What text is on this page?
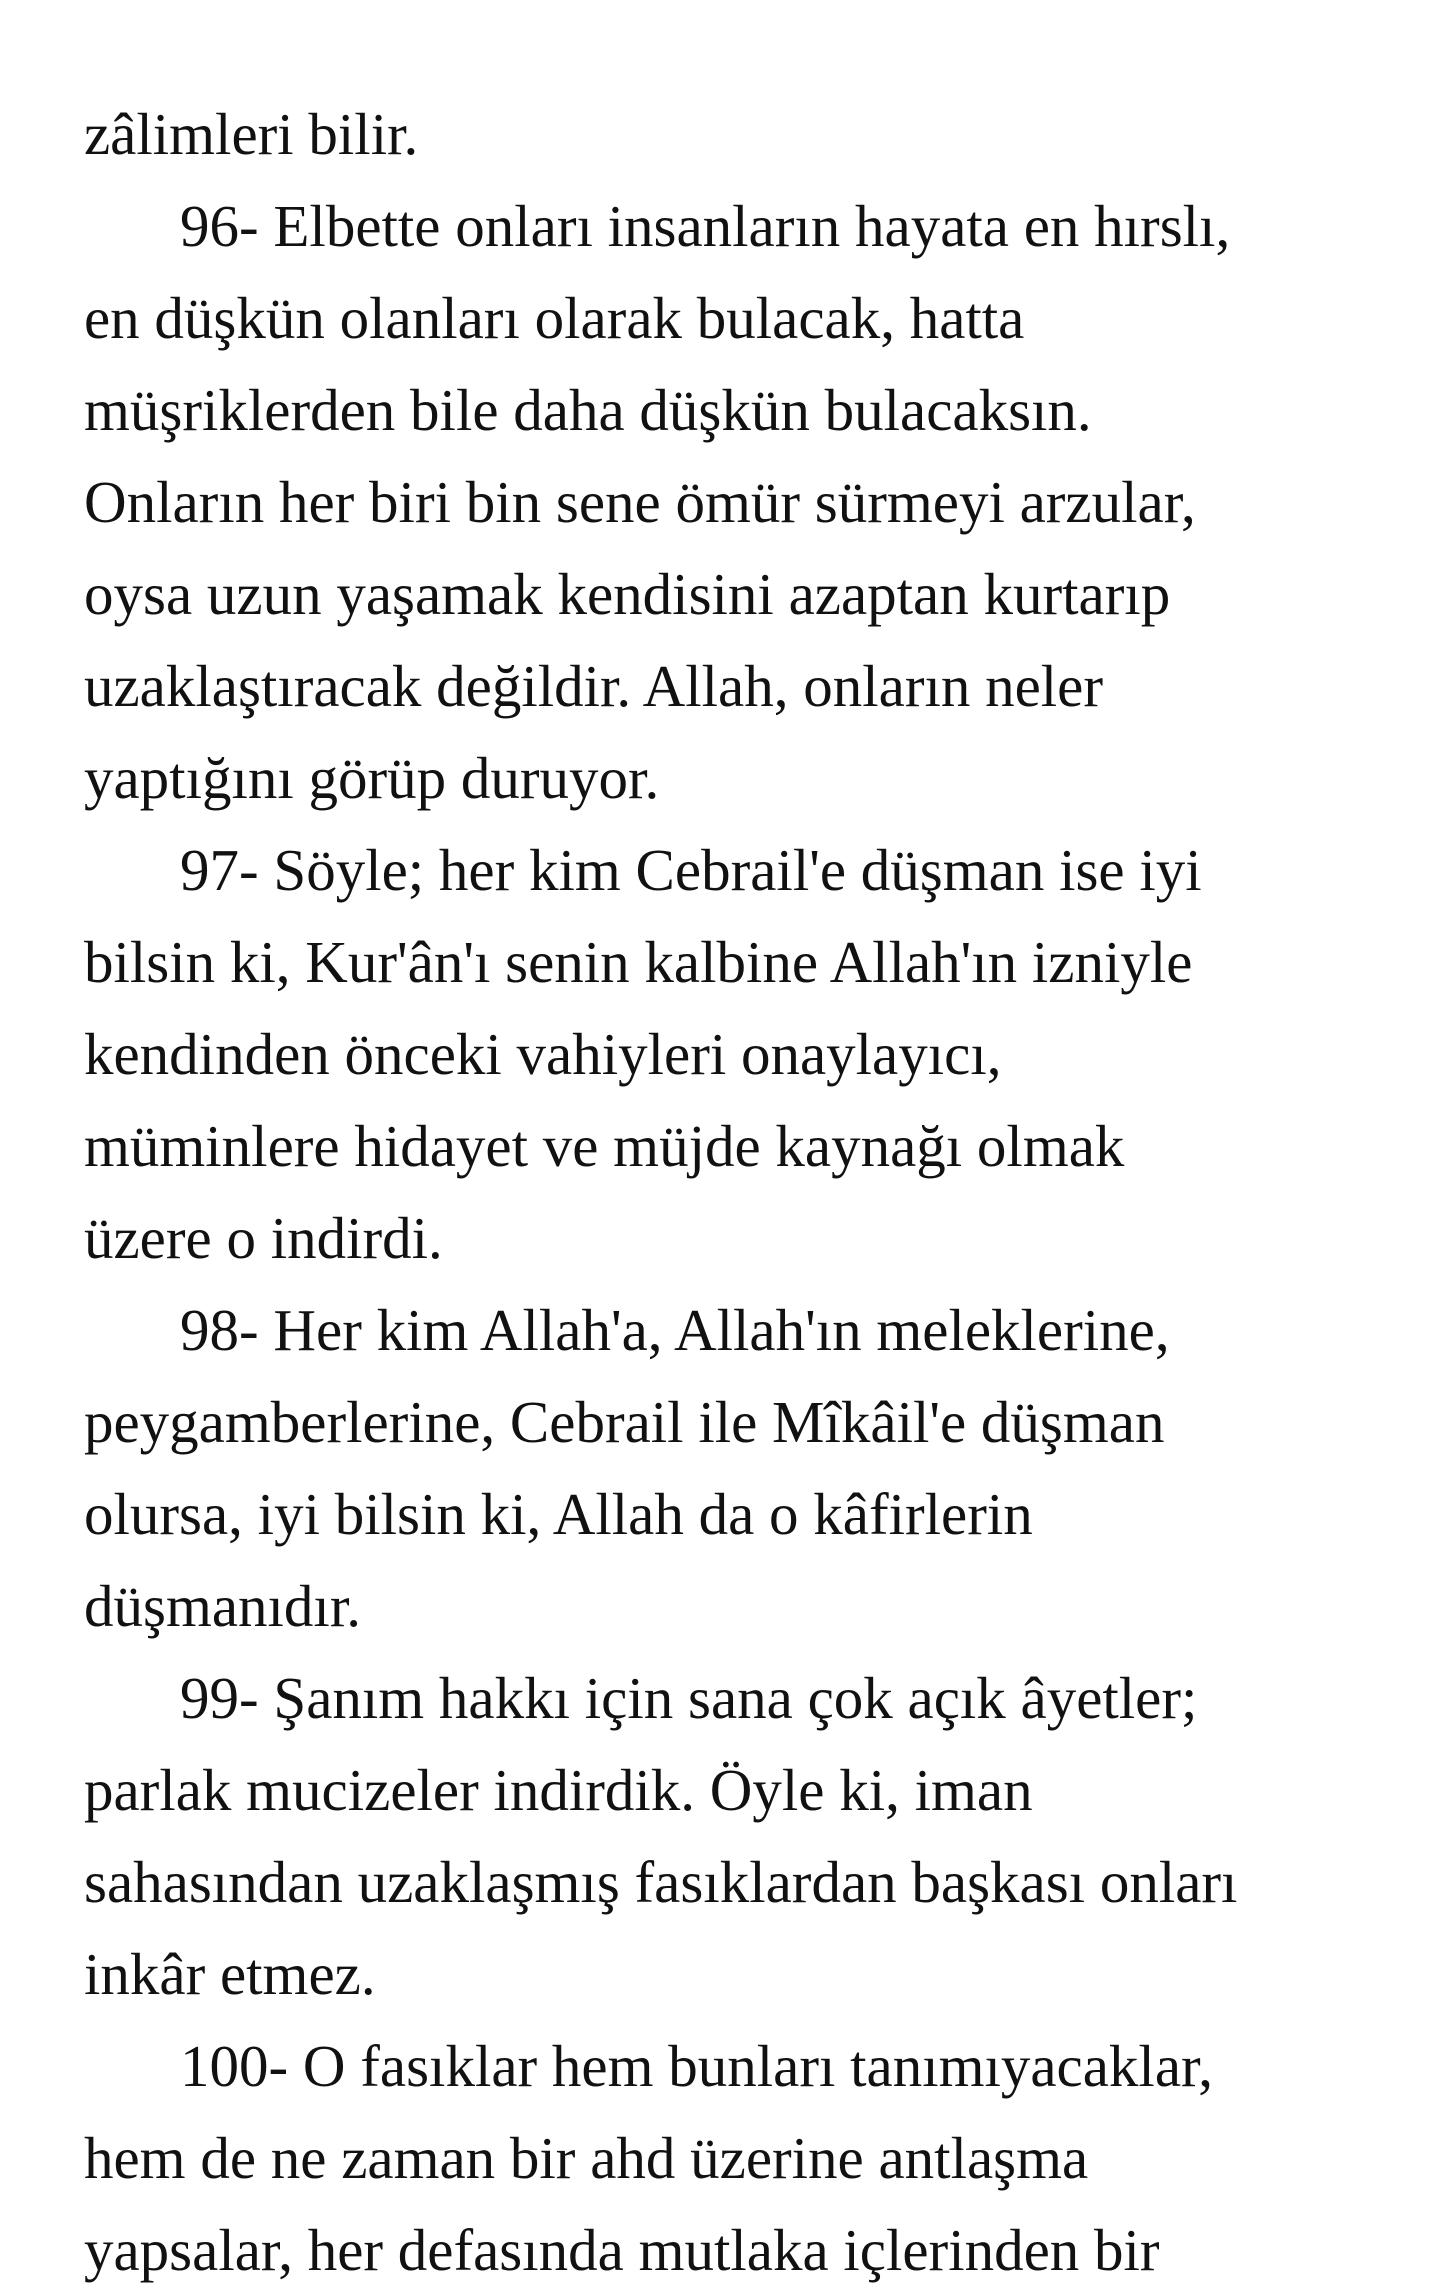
zâlimleri bilir.
96- Elbette onları insanların hayata en hırslı,
en düşkün olanları olarak bulacak, hatta
müşriklerden bile daha düşkün bulacaksın.
Onların her biri bin sene ömür sürmeyi arzular,
oysa uzun yaşamak kendisini azaptan kurtarıp
uzaklaştıracak değildir. Allah, onların neler
yaptığını görüp duruyor.
97- Söyle; her kim Cebrail'e düşman ise iyi
bilsin ki, Kur'ân'ı senin kalbine Allah'ın izniyle
kendinden önceki vahiyleri onaylayıcı,
müminlere hidayet ve müjde kaynağı olmak
üzere o indirdi.
98- Her kim Allah'a, Allah'ın meleklerine,
peygamberlerine, Cebrail ile Mîkâil'e düşman
olursa, iyi bilsin ki, Allah da o kâfirlerin
düşmanıdır.
99- Şanım hakkı için sana çok açık âyetler;
parlak mucizeler indirdik. Öyle ki, iman
sahasından uzaklaşmış fasıklardan başkası onları
inkâr etmez.
100- O fasıklar hem bunları tanımıyacaklar,
hem de ne zaman bir ahd üzerine antlaşma
yapsalar, her defasında mutlaka içlerinden bir
